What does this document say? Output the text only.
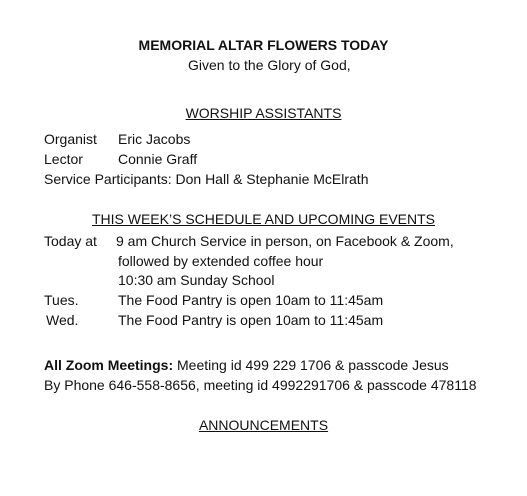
MEMORIAL ALTAR FLOWERS TODAY
Given to the Glory of God,
WORSHIP ASSISTANTS
Organist Eric Jacobs
Lector	Connie Graff
Service Participants: Don Hall & Stephanie McElrath
THIS WEEK’S SCHEDULE AND UPCOMING EVENTS
Today at 9 am Church Service in person, on Facebook & Zoom,
followed by extended coffee hour
10:30 am Sunday School
Tues.	The Food Pantry is open 10am to 11:45am
Wed.	The Food Pantry is open 10am to 11:45am
All Zoom Meetings: Meeting id 499 229 1706 & passcode Jesus
By Phone 646-558-8656, meeting id 4992291706 & passcode 478118
ANNOUNCEMENTS
